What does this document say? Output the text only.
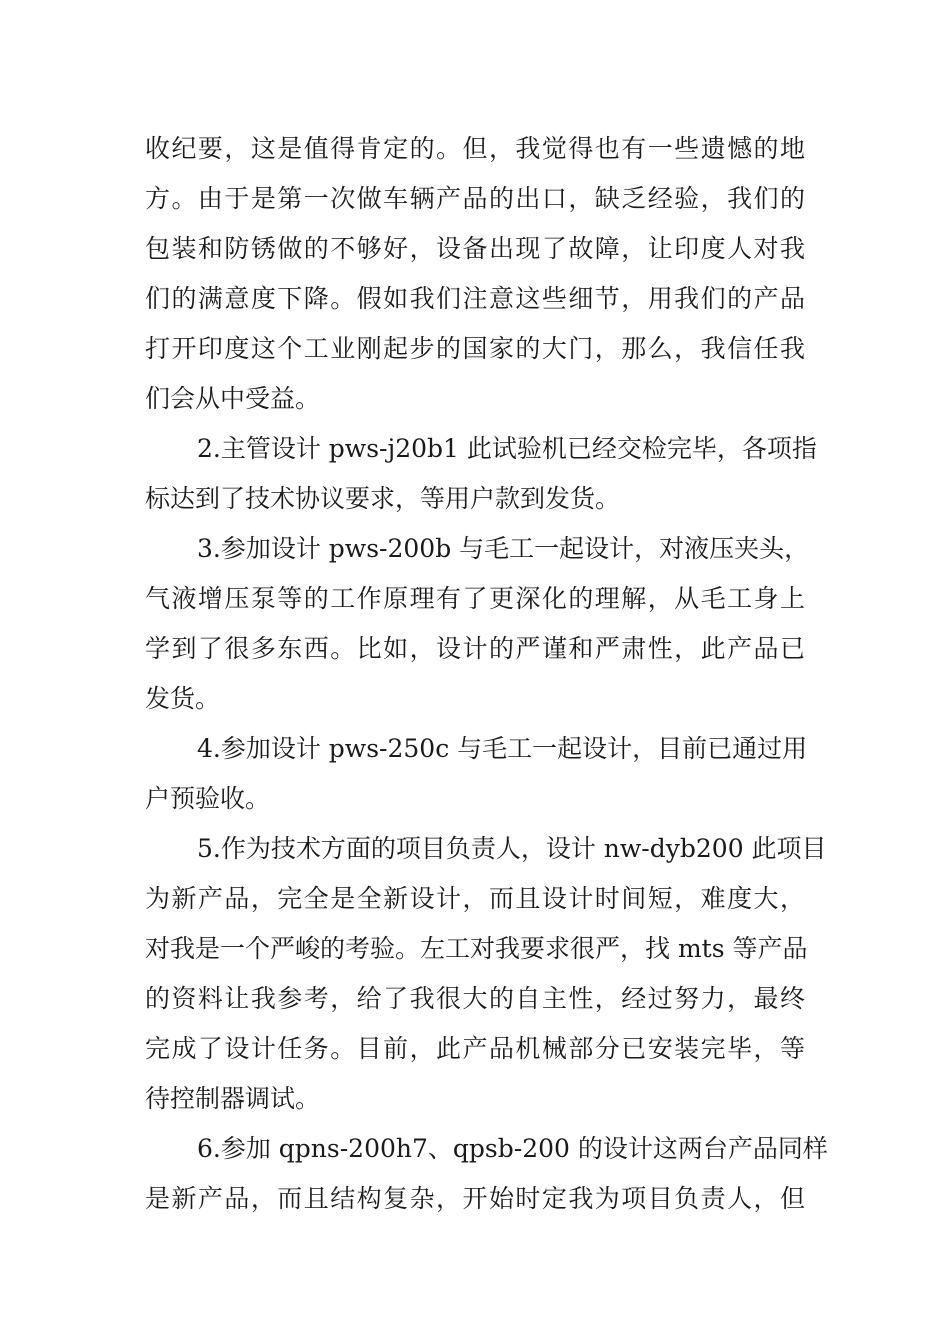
收纪要，这是值得肯定的。但，我觉得也有一些遗憾的地
方。由于是第一次做车辆产品的出口，缺乏经验，我们的
包装和防锈做的不够好，设备出现了故障，让印度人对我
们的满意度下降。假如我们注意这些细节，用我们的产品
打开印度这个工业刚起步的国家的大门，那么，我信任我
们会从中受益。
2.主管设计 pws-j20b1 此试验机已经交检完毕，各项指
标达到了技术协议要求，等用户款到发货。
3.参加设计 pws-200b 与毛工一起设计，对液压夹头，
气液增压泵等的工作原理有了更深化的理解，从毛工身上
学到了很多东西。比如，设计的严谨和严肃性，此产品已
发货。
4.参加设计 pws-250c 与毛工一起设计，目前已通过用
户预验收。
5.作为技术方面的项目负责人，设计 nw-dyb200 此项目
为新产品，完全是全新设计，而且设计时间短，难度大，
对我是一个严峻的考验。左工对我要求很严，找 mts 等产品
的资料让我参考，给了我很大的自主性，经过努力，最终
完成了设计任务。目前，此产品机械部分已安装完毕，等
待控制器调试。
6.参加 qpns-200h7、qpsb-200 的设计这两台产品同样
是新产品，而且结构复杂，开始时定我为项目负责人，但
